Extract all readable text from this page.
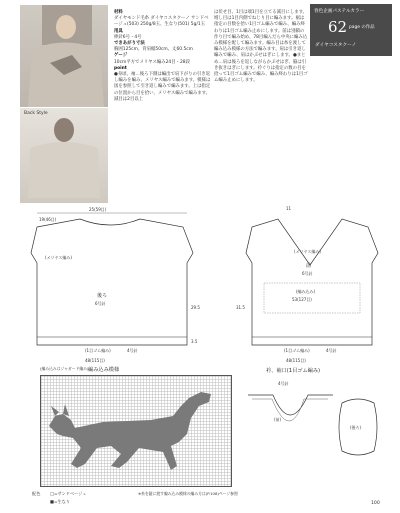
Back Style
材料
ダイヤモンド毛糸 ダイヤコスタクーノ サンドベージュ(503) 250g/8玉、生なり(501) 5g/1玉
用具
棒針6号・4号
できあがり寸法
胸囲125cm、背肩幅50cm、丈60.5cm
ゲージ
10cm平方でメリヤス編み24目・28段
point
●身頃、袖…後ろ下側は編出で肩下がりの引き返し編みを編み、メリヤス編みで編みます。模様は図を参照して引き返し編みで編みます。上は指定の位置から目を拾い、メリヤス編みで編みます。減目は2目以上
は伏せ目、1目は端1目を立てる減目にします。増し目は1目内側でねじり目に編みます。裾は指定の目数を拾い1目ゴム編みで編み、編み終わりは1目ゴム編み止めにします。前は別鎖の作り目で編み始め、78目編んだら中央に編み込み模様を配して編みます。編み目は糸を渡して編み込み模様の方法で編みます。肩は引き返し編みで編み、肩はかぶせはぎにします。●まとめ…肩は後ろを返しながらかぶせはぎ、脇は引き抜きはぎにします。衿ぐりは指定の数の目を拾って1目ゴム編みで編み、編み終わりは1目ゴム編み止めにします。
春色企画パステルカラー
62 page の作品
ダイヤコスタクーノ
25(59目)
19(46目)
後ろ
6号針
(メリヤス編み)
(1目ゴム編み)	4号針
48(115目)
29.5
3.5
11
前
6号針
(メリヤス編み)
(編み込み)
53(127目)
(1目ゴム編み)	4号針
48(115目)
31.5
(編み込みはジャガード編み) 編み込み模様
配色 □=サンドベージュ
■=生なり
※糸を縦に渡す編み込み模様の編み方は(P.108)ページ参照
衿、袖口(1目ゴム編み)
(前)
(後ろ)
4号針
100
